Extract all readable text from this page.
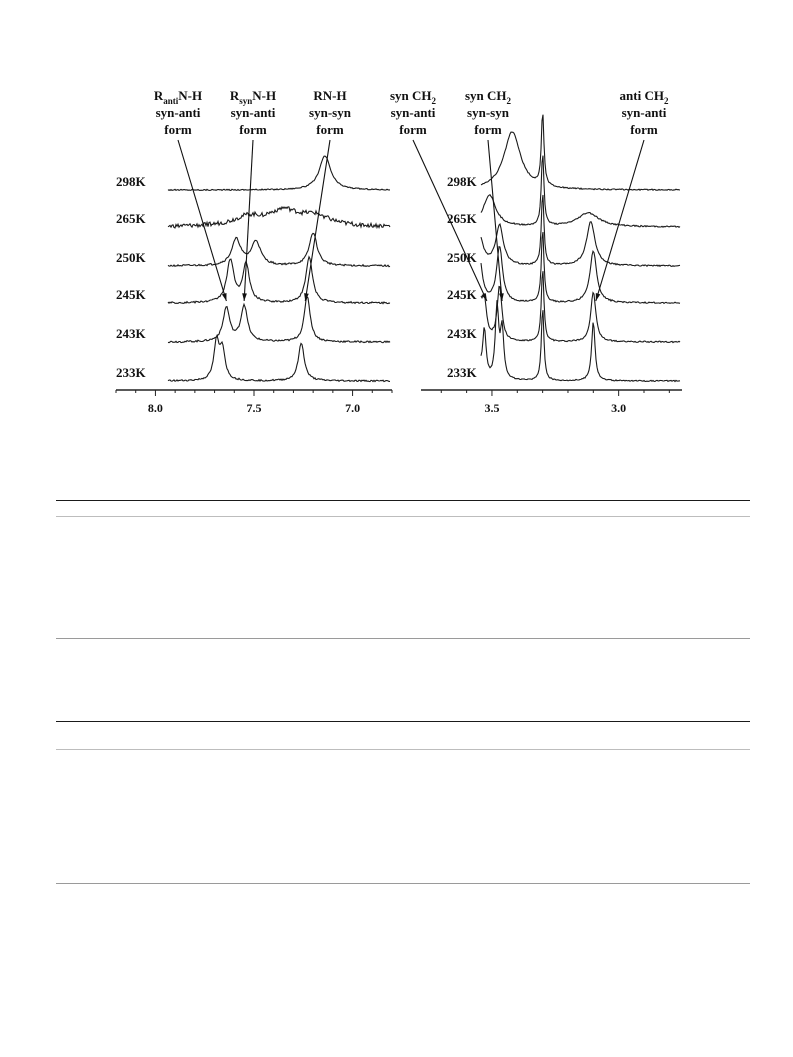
8.0	7.5	7.0
298K
265K
250K
245K
243K
233K
$R_{anti}N-H$
syn-anti
form
$R_{syn}N-H$
syn-anti
form
RN-H
syn-syn
form
3.5	3.0
298K
265K
250K
245K
243K
233K
syn $CH_2$
syn-anti
form
syn $CH_2$
syn-syn
form
anti $CH_2$
syn-anti
form
